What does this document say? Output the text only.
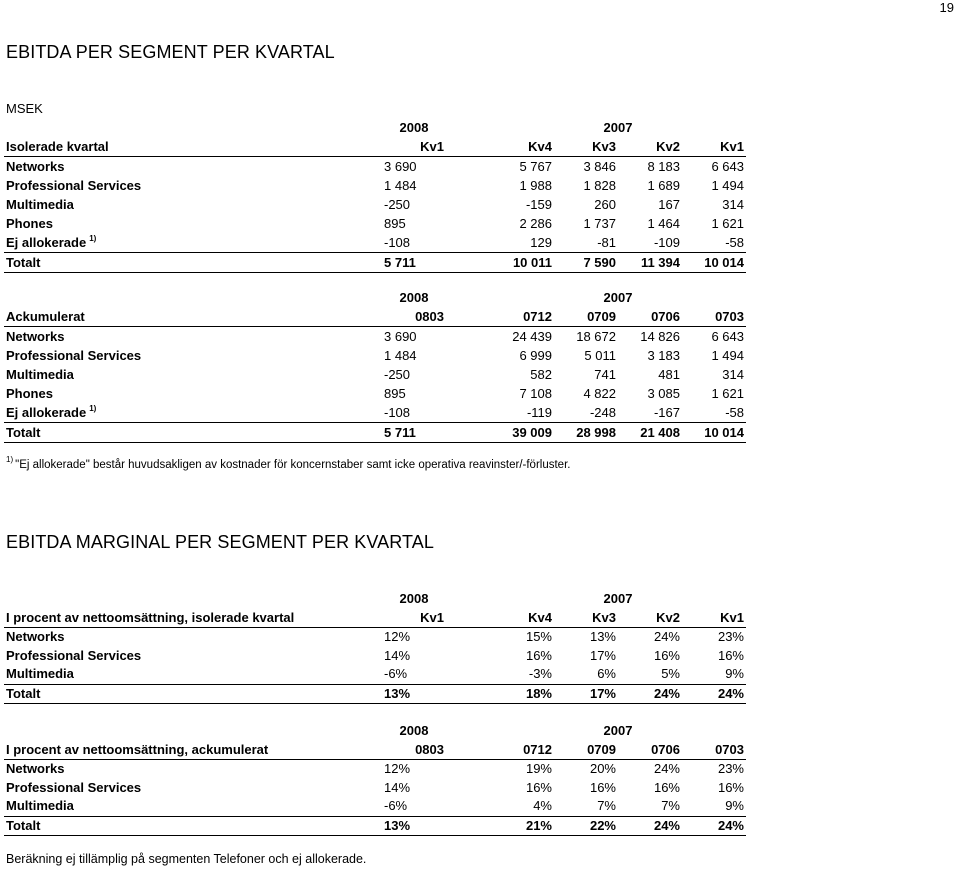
19
EBITDA PER SEGMENT PER KVARTAL
MSEK
	2008		2007			
Isolerade kvartal	Kv1		Kv4	Kv3	Kv2	Kv1
Networks	3 690		5 767	3 846	8 183	6 643
Professional Services	1 484		1 988	1 828	1 689	1 494
Multimedia	-250		-159	260	167	314
Phones	895		2 286	1 737	1 464	1 621
Ej allokerade $^{1)}$	-108		129	-81	-109	-58
Totalt	5 711		10 011	7 590	11 394	10 014
	2008		2007			
Ackumulerat	0803		0712	0709	0706	0703
Networks	3 690		24 439	18 672	14 826	6 643
Professional Services	1 484		6 999	5 011	3 183	1 494
Multimedia	-250		582	741	481	314
Phones	895		7 108	4 822	3 085	1 621
Ej allokerade $^{1)}$	-108		-119	-248	-167	-58
Totalt	5 711		39 009	28 998	21 408	10 014
$^{1)}$ "Ej allokerade" består huvudsakligen av kostnader för koncernstaber samt icke operativa reavinster/-förluster.
EBITDA MARGINAL PER SEGMENT PER KVARTAL
	2008		2007			
I procent av nettoomsättning, isolerade kvartal	Kv1		Kv4	Kv3	Kv2	Kv1
Networks	12%		15%	13%	24%	23%
Professional Services	14%		16%	17%	16%	16%
Multimedia	-6%		-3%	6%	5%	9%
Totalt	13%		18%	17%	24%	24%
	2008		2007			
I procent av nettoomsättning, ackumulerat	0803		0712	0709	0706	0703
Networks	12%		19%	20%	24%	23%
Professional Services	14%		16%	16%	16%	16%
Multimedia	-6%		4%	7%	7%	9%
Totalt	13%		21%	22%	24%	24%
Beräkning ej tillämplig på segmenten Telefoner och ej allokerade.
